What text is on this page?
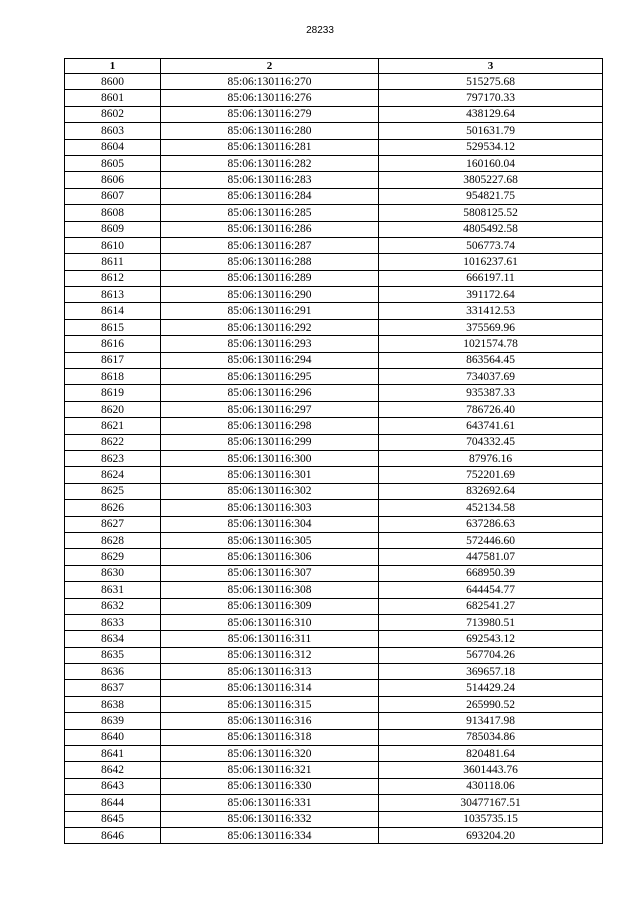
28233
1	2	3
8600	85:06:130116:270	515275.68
8601	85:06:130116:276	797170.33
8602	85:06:130116:279	438129.64
8603	85:06:130116:280	501631.79
8604	85:06:130116:281	529534.12
8605	85:06:130116:282	160160.04
8606	85:06:130116:283	3805227.68
8607	85:06:130116:284	954821.75
8608	85:06:130116:285	5808125.52
8609	85:06:130116:286	4805492.58
8610	85:06:130116:287	506773.74
8611	85:06:130116:288	1016237.61
8612	85:06:130116:289	666197.11
8613	85:06:130116:290	391172.64
8614	85:06:130116:291	331412.53
8615	85:06:130116:292	375569.96
8616	85:06:130116:293	1021574.78
8617	85:06:130116:294	863564.45
8618	85:06:130116:295	734037.69
8619	85:06:130116:296	935387.33
8620	85:06:130116:297	786726.40
8621	85:06:130116:298	643741.61
8622	85:06:130116:299	704332.45
8623	85:06:130116:300	87976.16
8624	85:06:130116:301	752201.69
8625	85:06:130116:302	832692.64
8626	85:06:130116:303	452134.58
8627	85:06:130116:304	637286.63
8628	85:06:130116:305	572446.60
8629	85:06:130116:306	447581.07
8630	85:06:130116:307	668950.39
8631	85:06:130116:308	644454.77
8632	85:06:130116:309	682541.27
8633	85:06:130116:310	713980.51
8634	85:06:130116:311	692543.12
8635	85:06:130116:312	567704.26
8636	85:06:130116:313	369657.18
8637	85:06:130116:314	514429.24
8638	85:06:130116:315	265990.52
8639	85:06:130116:316	913417.98
8640	85:06:130116:318	785034.86
8641	85:06:130116:320	820481.64
8642	85:06:130116:321	3601443.76
8643	85:06:130116:330	430118.06
8644	85:06:130116:331	30477167.51
8645	85:06:130116:332	1035735.15
8646	85:06:130116:334	693204.20
